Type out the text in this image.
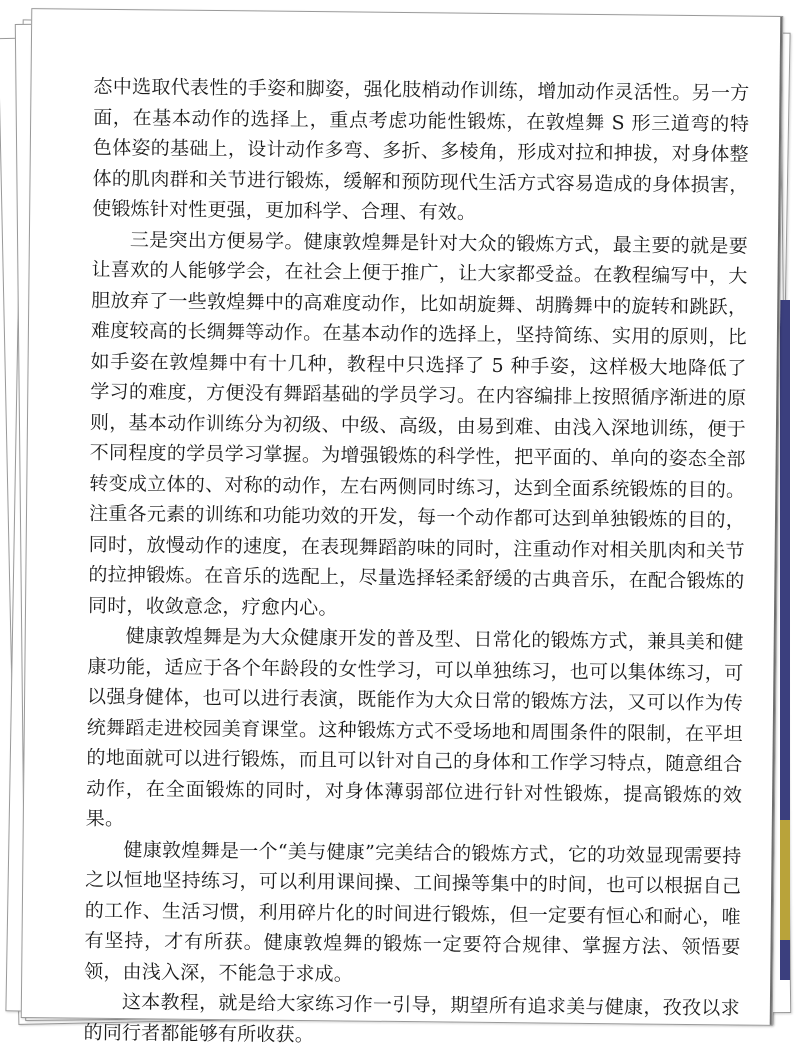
态中选取代表性的手姿和脚姿，强化肢梢动作训练，增加动作灵活性。另一方面，在基本动作的选择上，重点考虑功能性锻炼，在敦煌舞 S 形三道弯的特色体姿的基础上，设计动作多弯、多折、多棱角，形成对拉和抻拔，对身体整体的肌肉群和关节进行锻炼，缓解和预防现代生活方式容易造成的身体损害，使锻炼针对性更强，更加科学、合理、有效。

三是突出方便易学。健康敦煌舞是针对大众的锻炼方式，最主要的就是要让喜欢的人能够学会，在社会上便于推广，让大家都受益。在教程编写中，大胆放弃了一些敦煌舞中的高难度动作，比如胡旋舞、胡腾舞中的旋转和跳跃，难度较高的长绸舞等动作。在基本动作的选择上，坚持简练、实用的原则，比如手姿在敦煌舞中有十几种，教程中只选择了 5 种手姿，这样极大地降低了学习的难度，方便没有舞蹈基础的学员学习。在内容编排上按照循序渐进的原则，基本动作训练分为初级、中级、高级，由易到难、由浅入深地训练，便于不同程度的学员学习掌握。为增强锻炼的科学性，把平面的、单向的姿态全部转变成立体的、对称的动作，左右两侧同时练习，达到全面系统锻炼的目的。注重各元素的训练和功能功效的开发，每一个动作都可达到单独锻炼的目的，同时，放慢动作的速度，在表现舞蹈韵味的同时，注重动作对相关肌肉和关节的拉抻锻炼。在音乐的选配上，尽量选择轻柔舒缓的古典音乐，在配合锻炼的同时，收敛意念，疗愈内心。

健康敦煌舞是为大众健康开发的普及型、日常化的锻炼方式，兼具美和健康功能，适应于各个年龄段的女性学习，可以单独练习，也可以集体练习，可以强身健体，也可以进行表演，既能作为大众日常的锻炼方法，又可以作为传统舞蹈走进校园美育课堂。这种锻炼方式不受场地和周围条件的限制，在平坦的地面就可以进行锻炼，而且可以针对自己的身体和工作学习特点，随意组合动作，在全面锻炼的同时，对身体薄弱部位进行针对性锻炼，提高锻炼的效果。

健康敦煌舞是一个“美与健康”完美结合的锻炼方式，它的功效显现需要持之以恒地坚持练习，可以利用课间操、工间操等集中的时间，也可以根据自己的工作、生活习惯，利用碎片化的时间进行锻炼，但一定要有恒心和耐心，唯有坚持，才有所获。健康敦煌舞的锻炼一定要符合规律、掌握方法、领悟要领，由浅入深，不能急于求成。

这本教程，就是给大家练习作一引导，期望所有追求美与健康，孜孜以求的同行者都能够有所收获。
